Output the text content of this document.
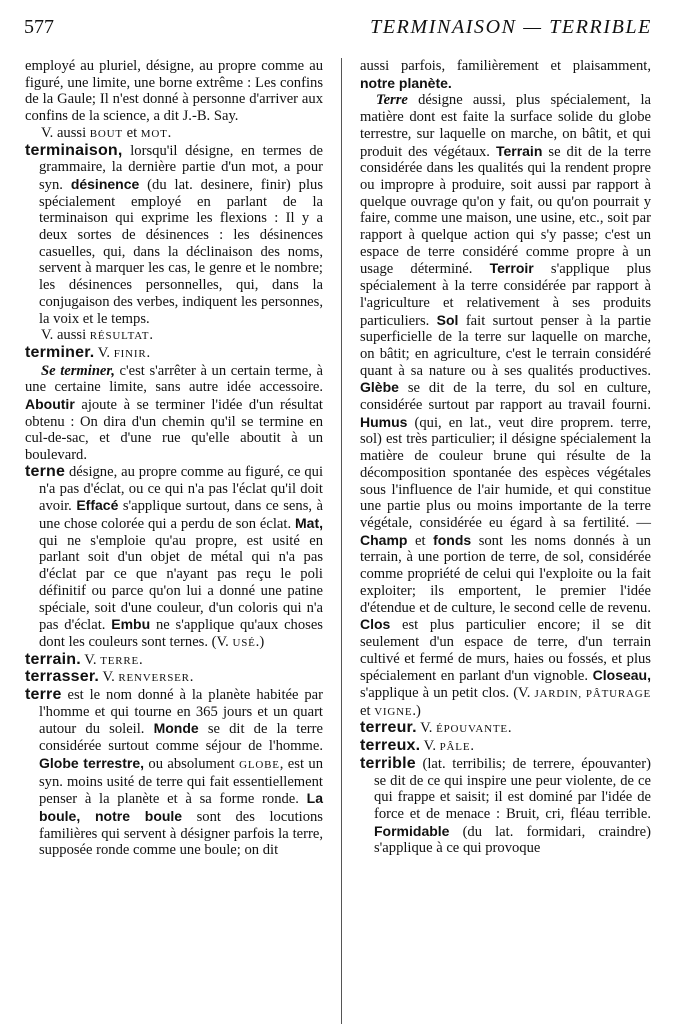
577	TERMINAISON — TERRIBLE

employé au pluriel, désigne, au propre comme au figuré, une limite, une borne extrême : Les confins de la Gaule; Il n'est donné à personne d'arriver aux confins de la science, a dit J.-B. Say.

V. aussi BOUT et MOT.

terminaison, lorsqu'il désigne, en termes de grammaire, la dernière partie d'un mot, a pour syn. désinence (du lat. desinere, finir) plus spécialement employé en parlant de la terminaison qui exprime les flexions : Il y a deux sortes de désinences : les désinences casuelles, qui, dans la déclinaison des noms, servent à marquer les cas, le genre et le nombre; les désinences personnelles, qui, dans la conjugaison des verbes, indiquent les personnes, la voix et le temps.

V. aussi RÉSULTAT.

terminer. V. FINIR.

Se terminer, c'est s'arrêter à un certain terme, à une certaine limite, sans autre idée accessoire. Aboutir ajoute à se terminer l'idée d'un résultat obtenu : On dira d'un chemin qu'il se termine en cul-de-sac, et d'une rue qu'elle aboutit à un boulevard.

terne désigne, au propre comme au figuré, ce qui n'a pas d'éclat, ou ce qui n'a pas l'éclat qu'il doit avoir. Effacé s'applique surtout, dans ce sens, à une chose colorée qui a perdu de son éclat. Mat, qui ne s'emploie qu'au propre, est usité en parlant soit d'un objet de métal qui n'a pas d'éclat par ce que n'ayant pas reçu le poli définitif ou parce qu'on lui a donné une patine spéciale, soit d'une couleur, d'un coloris qui n'a pas d'éclat. Embu ne s'applique qu'aux choses dont les couleurs sont ternes. (V. USÉ.)

terrain. V. TERRE.

terrasser. V. RENVERSER.

terre est le nom donné à la planète habitée par l'homme et qui tourne en 365 jours et un quart autour du soleil. Monde se dit de la terre considérée surtout comme séjour de l'homme. Globe terrestre, ou absolument GLOBE, est un syn. moins usité de terre qui fait essentiellement penser à la planète et à sa forme ronde. La boule, notre boule sont des locutions familières qui servent à désigner parfois la terre, supposée ronde comme une boule; on dit

aussi parfois, familièrement et plaisamment, notre planète.

Terre désigne aussi, plus spécialement, la matière dont est faite la surface solide du globe terrestre, sur laquelle on marche, on bâtit, et qui produit des végétaux. Terrain se dit de la terre considérée dans les qualités qui la rendent propre ou impropre à produire, soit aussi par rapport à quelque ouvrage qu'on y fait, ou qu'on pourrait y faire, comme une maison, une usine, etc., soit par rapport à quelque action qui s'y passe; c'est un espace de terre considéré comme propre à un usage déterminé. Terroir s'applique plus spécialement à la terre considérée par rapport à l'agriculture et relativement à ses produits particuliers. Sol fait surtout penser à la partie superficielle de la terre sur laquelle on marche, on bâtit; en agriculture, c'est le terrain considéré quant à sa nature ou à ses qualités productives. Glèbe se dit de la terre, du sol en culture, considérée surtout par rapport au travail fourni. Humus (qui, en lat., veut dire proprem. terre, sol) est très particulier; il désigne spécialement la matière de couleur brune qui résulte de la décomposition spontanée des espèces végétales sous l'influence de l'air humide, et qui constitue une partie plus ou moins importante de la terre végétale, considérée eu égard à sa fertilité. — Champ et fonds sont les noms donnés à un terrain, à une portion de terre, de sol, considérée comme propriété de celui qui l'exploite ou la fait exploiter; ils emportent, le premier l'idée d'étendue et de culture, le second celle de revenu. Clos est plus particulier encore; il se dit seulement d'un espace de terre, d'un terrain cultivé et fermé de murs, haies ou fossés, et plus spécialement en parlant d'un vignoble. Closeau, s'applique à un petit clos. (V. JARDIN, PÂTURAGE et VIGNE.)

terreur. V. ÉPOUVANTE.

terreux. V. PÂLE.

terrible (lat. terribilis; de terrere, épouvanter) se dit de ce qui inspire une peur violente, de ce qui frappe et saisit; il est dominé par l'idée de force et de menace : Bruit, cri, fléau terrible. Formidable (du lat. formidari, craindre) s'applique à ce qui provoque
